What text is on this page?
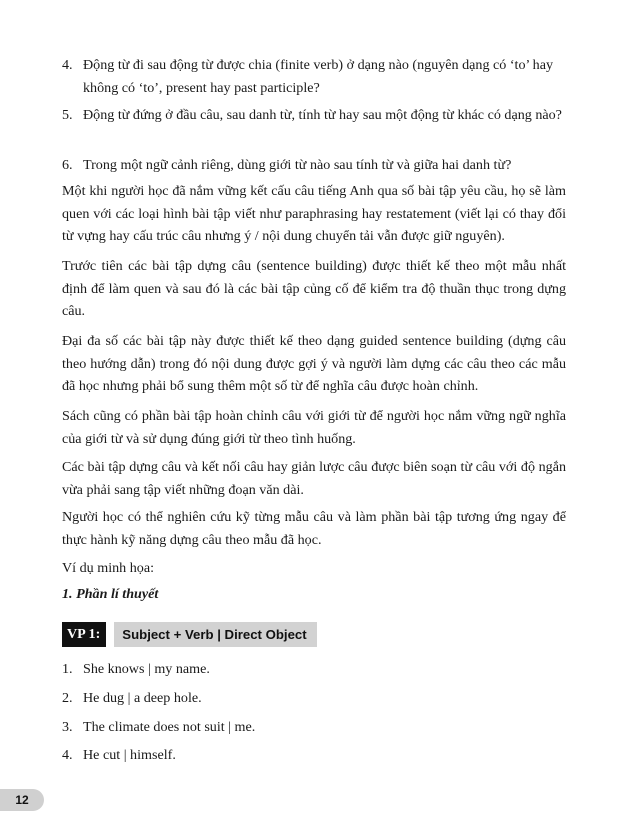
4. Động từ đi sau động từ được chia (finite verb) ở dạng nào (nguyên dạng có ‘to’ hay không có ‘to’, present hay past participle?
5. Động từ đứng ở đầu câu, sau danh từ, tính từ hay sau một động từ khác có dạng nào?
6. Trong một ngữ cảnh riêng, dùng giới từ nào sau tính từ và giữa hai danh từ?

Một khi người học đã nắm vững kết cấu câu tiếng Anh qua số bài tập yêu cầu, họ sẽ làm quen với các loại hình bài tập viết như paraphrasing hay restatement (viết lại có thay đổi từ vựng hay cấu trúc câu nhưng ý / nội dung chuyển tải vẫn được giữ nguyên).

Trước tiên các bài tập dựng câu (sentence building) được thiết kế theo một mẫu nhất định để làm quen và sau đó là các bài tập củng cố để kiểm tra độ thuần thục trong dựng câu.

Đại đa số các bài tập này được thiết kế theo dạng guided sentence building (dựng câu theo hướng dẫn) trong đó nội dung được gợi ý và người làm dựng các câu theo các mẫu đã học nhưng phải bổ sung thêm một số từ để nghĩa câu được hoàn chỉnh.

Sách cũng có phần bài tập hoàn chỉnh câu với giới từ để người học nắm vững ngữ nghĩa của giới từ và sử dụng đúng giới từ theo tình huống.

Các bài tập dựng câu và kết nối câu hay giản lược câu được biên soạn từ câu với độ ngắn vừa phải sang tập viết những đoạn văn dài.

Người học có thể nghiên cứu kỹ từng mẫu câu và làm phần bài tập tương ứng ngay để thực hành kỹ năng dựng câu theo mẫu đã học.

Ví dụ minh họa:

1. Phần lí thuyết

VP 1:	Subject + Verb | Direct Object
1. She knows | my name.
2. He dug | a deep hole.
3. The climate does not suit | me.
4. He cut | himself.
12
